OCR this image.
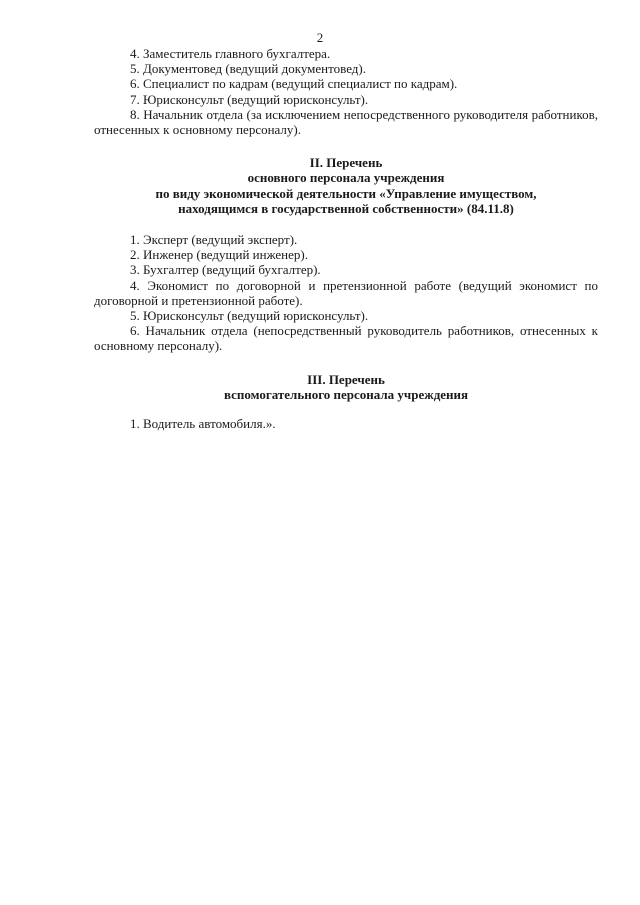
2

4. Заместитель главного бухгалтера.

5. Документовед (ведущий документовед).

6. Специалист по кадрам (ведущий специалист по кадрам).

7. Юрисконсульт (ведущий юрисконсульт).

8. Начальник отдела (за исключением непосредственного руководителя работников, отнесенных к основному персоналу).

II. Перечень

основного персонала учреждения

по виду экономической деятельности «Управление имуществом,

находящимся в государственной собственности» (84.11.8)

1. Эксперт (ведущий эксперт).

2. Инженер (ведущий инженер).

3. Бухгалтер (ведущий бухгалтер).

4. Экономист по договорной и претензионной работе (ведущий экономист по договорной и претензионной работе).

5. Юрисконсульт (ведущий юрисконсульт).

6. Начальник отдела (непосредственный руководитель работников, отнесенных к основному персоналу).

III. Перечень

вспомогательного персонала учреждения

1. Водитель автомобиля.».
